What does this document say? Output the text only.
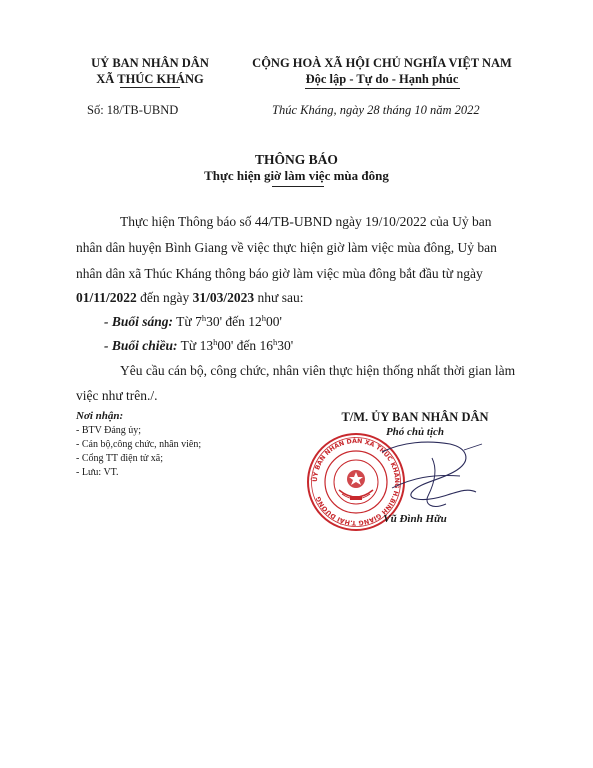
UỶ BAN NHÂN DÂN
XÃ THÚC KHÁNG
CỘNG HOÀ XÃ HỘI CHỦ NGHĨA VIỆT NAM
Độc lập - Tự do - Hạnh phúc
Số: 18/TB-UBND	Thúc Kháng, ngày 28 tháng 10 năm 2022
THÔNG BÁO
Thực hiện giờ làm việc mùa đông
Thực hiện Thông báo số 44/TB-UBND ngày 19/10/2022 của Uỷ ban
nhân dân huyện Bình Giang về việc thực hiện giờ làm việc mùa đông, Uỷ ban
nhân dân xã Thúc Kháng thông báo giờ làm việc mùa đông bắt đầu từ ngày
01/11/2022 đến ngày 31/03/2023 như sau:
- Buổi sáng: Từ 7$^h$30' đến 12$^h$00'
- Buổi chiều: Từ 13$^h$00' đến 16$^h$30'
Yêu cầu cán bộ, công chức, nhân viên thực hiện thống nhất thời gian làm
việc như trên./.
Nơi nhận:
- BTV Đảng ủy;
- Cán bộ,công chức, nhân viên;
- Cổng TT điện tử xã;
- Lưu: VT.
T/M. ỦY BAN NHÂN DÂN
Phó chủ tịch
ỦY BAN NHÂN DÂN XÃ THÚC KHÁNG H.BÌNH GIANG T.HẢI DƯƠNG
Vũ Đình Hữu
